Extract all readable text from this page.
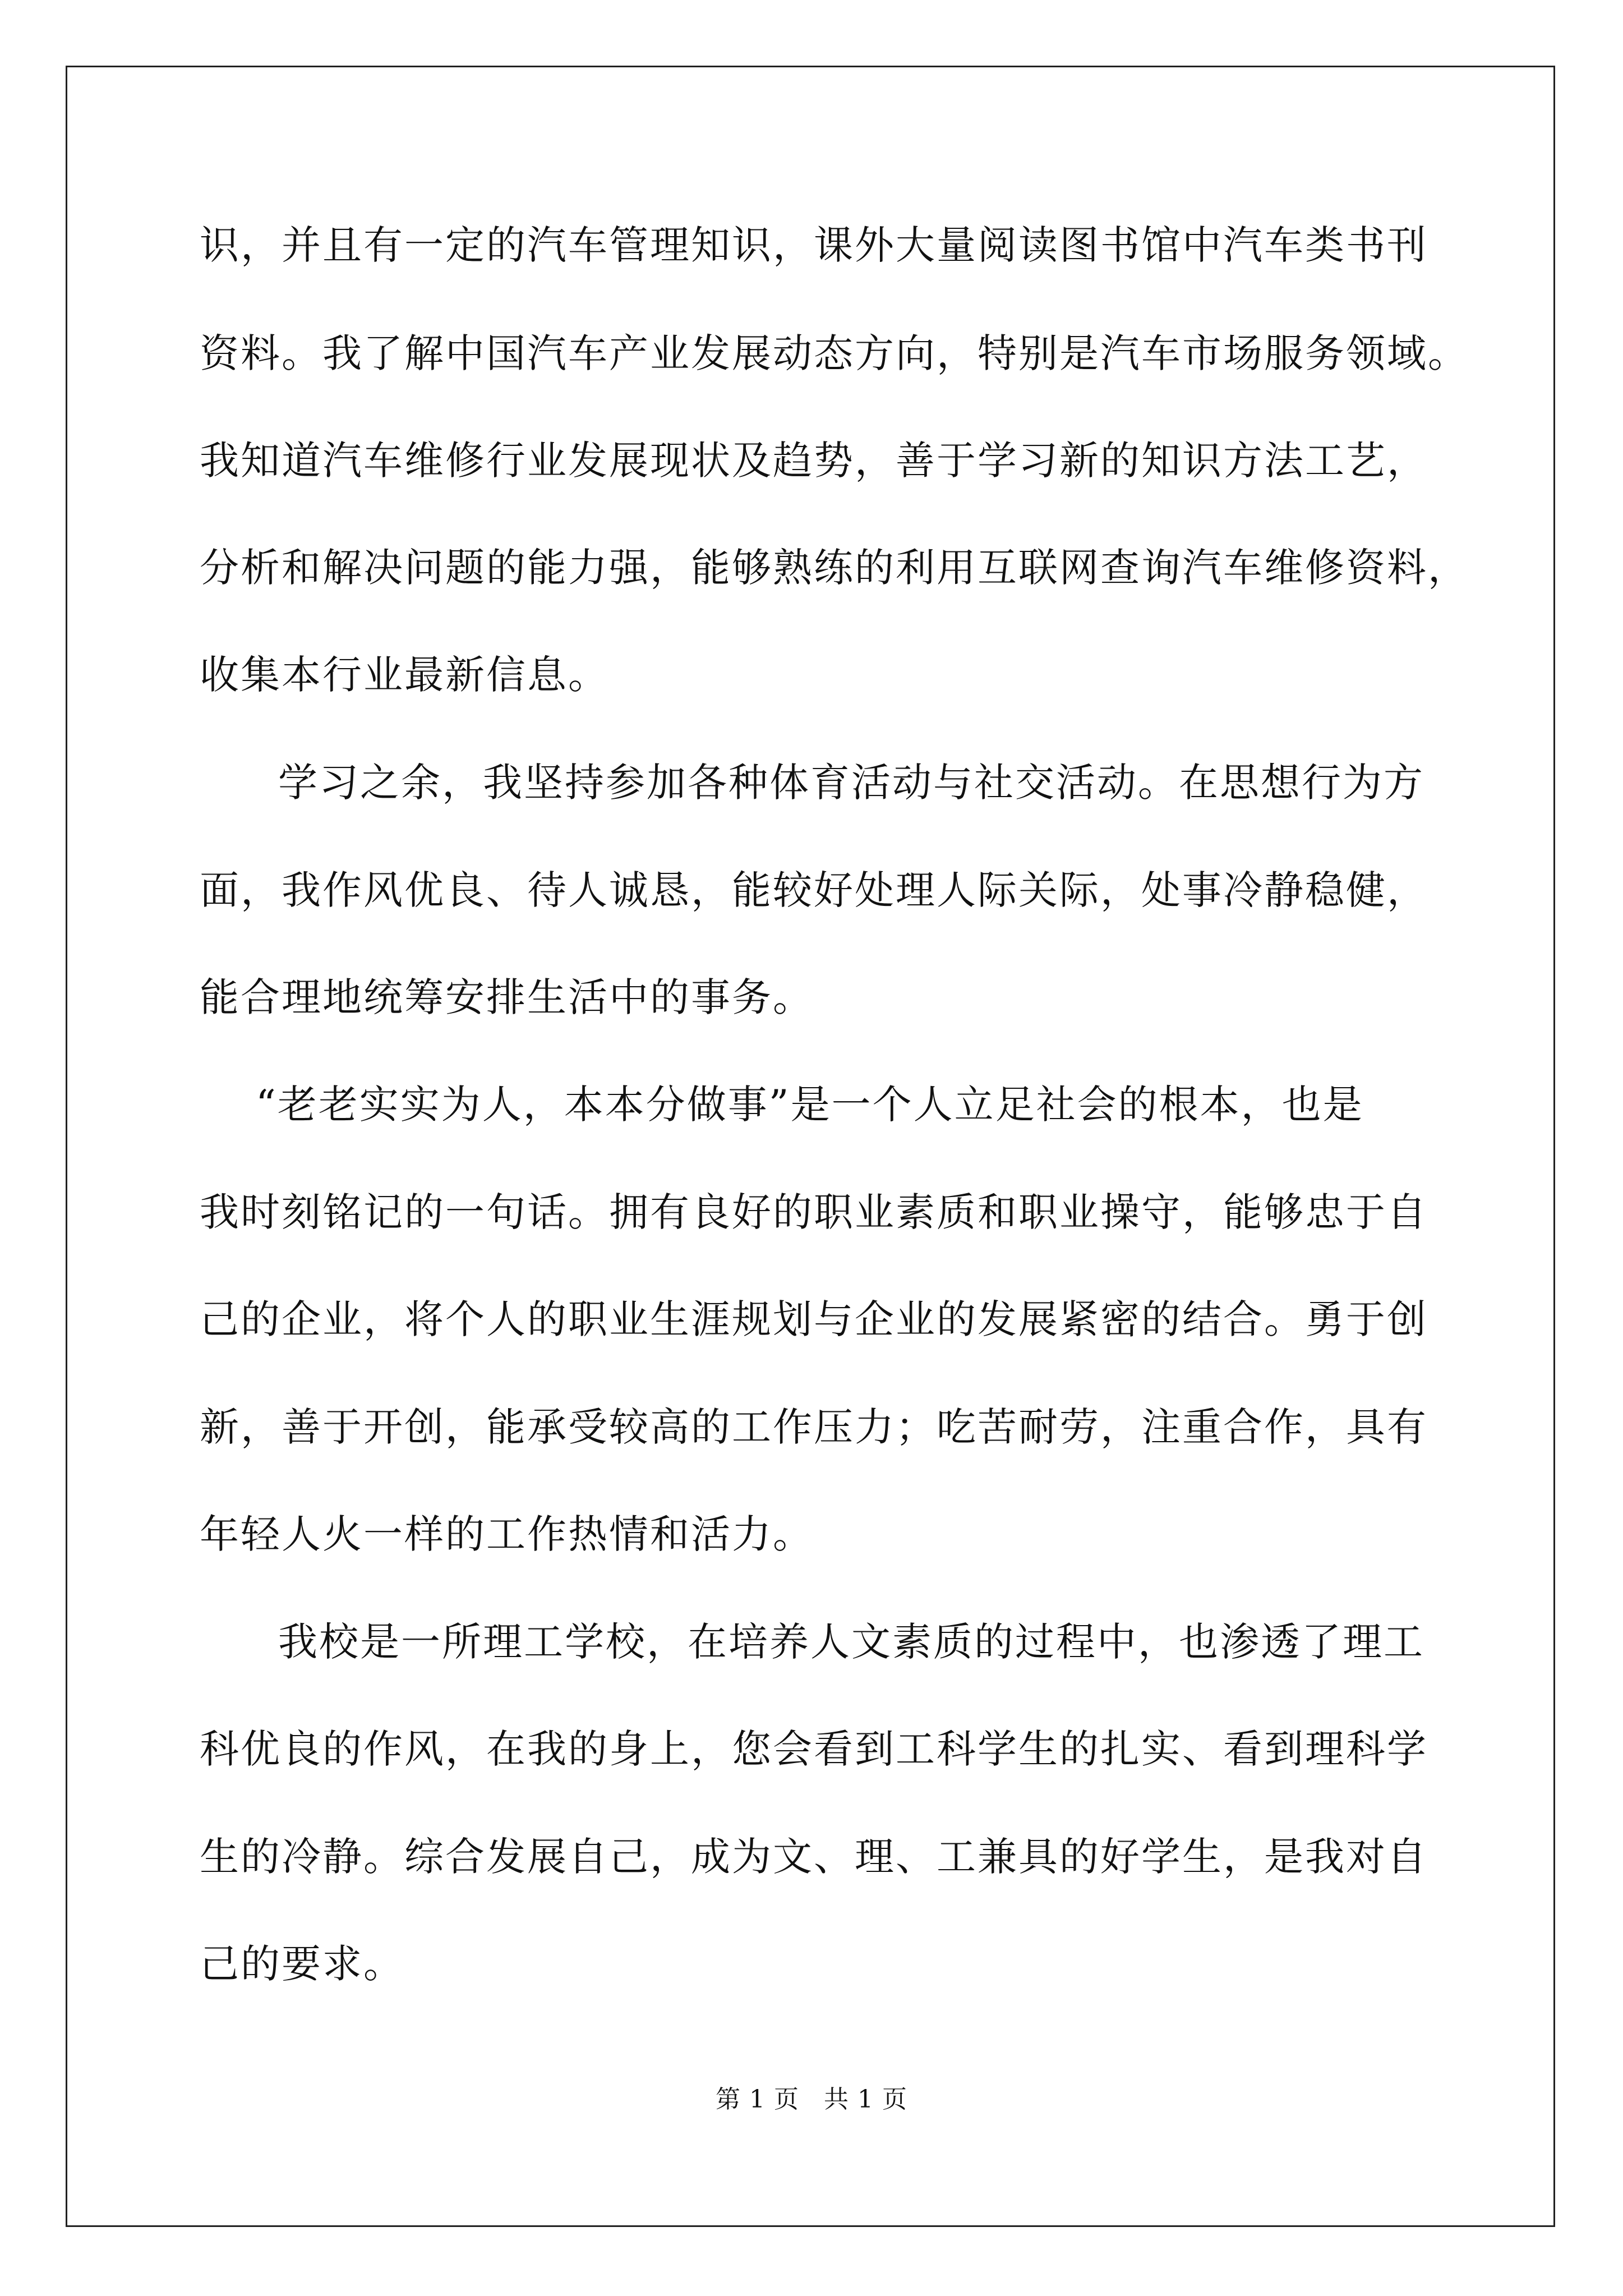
识，并且有一定的汽车管理知识，课外大量阅读图书馆中汽车类书刊
资料。我了解中国汽车产业发展动态方向，特别是汽车市场服务领域。
我知道汽车维修行业发展现状及趋势，善于学习新的知识方法工艺，
分析和解决问题的能力强，能够熟练的利用互联网查询汽车维修资料，
收集本行业最新信息。
学习之余，我坚持参加各种体育活动与社交活动。在思想行为方
面，我作风优良、待人诚恳，能较好处理人际关际，处事冷静稳健，
能合理地统筹安排生活中的事务。
“老老实实为人，本本分做事”是一个人立足社会的根本，也是
我时刻铭记的一句话。拥有良好的职业素质和职业操守，能够忠于自
己的企业，将个人的职业生涯规划与企业的发展紧密的结合。勇于创
新，善于开创，能承受较高的工作压力；吃苦耐劳，注重合作，具有
年轻人火一样的工作热情和活力。
我校是一所理工学校，在培养人文素质的过程中，也渗透了理工
科优良的作风，在我的身上，您会看到工科学生的扎实、看到理科学
生的冷静。综合发展自己，成为文、理、工兼具的好学生，是我对自
己的要求。
第 1 页 共 1 页
